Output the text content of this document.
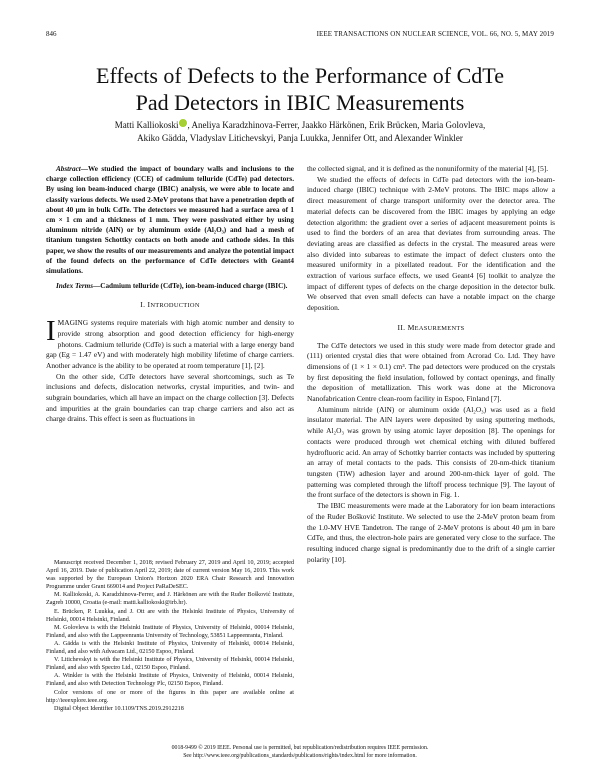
846	IEEE TRANSACTIONS ON NUCLEAR SCIENCE, VOL. 66, NO. 5, MAY 2019
Effects of Defects to the Performance of CdTe
Pad Detectors in IBIC Measurements
Matti Kalliokoski , Aneliya Karadzhinova-Ferrer, Jaakko Härkönen, Erik Brücken, Maria Golovleva,
Akiko Gädda, Vladyslav Litichevskyi, Panja Luukka, Jennifer Ott, and Alexander Winkler

Abstract—We studied the impact of boundary walls and inclusions to the charge collection efficiency (CCE) of cadmium telluride (CdTe) pad detectors. By using ion beam-induced charge (IBIC) analysis, we were able to locate and classify various defects. We used 2-MeV protons that have a penetration depth of about 40 μm in bulk CdTe. The detectors we measured had a surface area of 1 cm × 1 cm and a thickness of 1 mm. They were passivated either by using aluminum nitride (AlN) or by aluminum oxide (Al₂O₃) and had a mesh of titanium tungsten Schottky contacts on both anode and cathode sides. In this paper, we show the results of our measurements and analyze the potential impact of the found defects on the performance of CdTe detectors with Geant4 simulations.

Index Terms—Cadmium telluride (CdTe), ion-beam-induced charge (IBIC).

I. INTRODUCTION

IMAGING systems require materials with high atomic number and density to provide strong absorption and good detection efficiency for high-energy photons. Cadmium telluride (CdTe) is such a material with a large energy band gap (Eg = 1.47 eV) and with moderately high mobility lifetime of charge carriers. Another advance is the ability to be operated at room temperature [1], [2].

On the other side, CdTe detectors have several shortcomings, such as Te inclusions and defects, dislocation networks, crystal impurities, and twin- and subgrain boundaries, which all have an impact on the charge collection [3]. Defects and impurities at the grain boundaries can trap charge carriers and also act as charge drains. This effect is seen as fluctuations in

Manuscript received December 1, 2018; revised February 27, 2019 and April 10, 2019; accepted April 16, 2019. Date of publication April 22, 2019; date of current version May 16, 2019. This work was supported by the European Union's Horizon 2020 ERA Chair Research and Innovation Programme under Grant 669014 and Project PaRaDeSEC.

M. Kalliokoski, A. Karadzhinova-Ferrer, and J. Härkönen are with the Ruđer Bošković Institute, Zagreb 10000, Croatia (e-mail: matti.kalliokoski@irb.hr).

E. Brücken, P. Luukka, and J. Ott are with the Helsinki Institute of Physics, University of Helsinki, 00014 Helsinki, Finland.

M. Golovleva is with the Helsinki Institute of Physics, University of Helsinki, 00014 Helsinki, Finland, and also with the Lappeenranta University of Technology, 53851 Lappeenranta, Finland.

A. Gädda is with the Helsinki Institute of Physics, University of Helsinki, 00014 Helsinki, Finland, and also with Advacam Ltd., 02150 Espoo, Finland.

V. Litichevskyi is with the Helsinki Institute of Physics, University of Helsinki, 00014 Helsinki, Finland, and also with Spectro Ltd., 02150 Espoo, Finland.

A. Winkler is with the Helsinki Institute of Physics, University of Helsinki, 00014 Helsinki, Finland, and also with Detection Technology Plc, 02150 Espoo, Finland.

Color versions of one or more of the figures in this paper are available online at http://ieeexplore.ieee.org.

Digital Object Identifier 10.1109/TNS.2019.2912218

the collected signal, and it is defined as the nonuniformity of the material [4], [5].

We studied the effects of defects in CdTe pad detectors with the ion-beam-induced charge (IBIC) technique with 2-MeV protons. The IBIC maps allow a direct measurement of charge transport uniformity over the detector area. The material defects can be discovered from the IBIC images by applying an edge detection algorithm: the gradient over a series of adjacent measurement points is used to find the borders of an area that deviates from surrounding areas. The deviating areas are classified as defects in the crystal. The measured areas were also divided into subareas to estimate the impact of defect clusters onto the measured uniformity in a pixellated readout. For the identification and the extraction of various surface effects, we used Geant4 [6] toolkit to analyze the impact of different types of defects on the charge deposition in the detector bulk. We observed that even small defects can have a notable impact on the charge deposition.

II. MEASUREMENTS

The CdTe detectors we used in this study were made from detector grade and (111) oriented crystal dies that were obtained from Acrorad Co. Ltd. They have dimensions of (1 × 1 × 0.1) cm³. The pad detectors were produced on the crystals by first depositing the field insulation, followed by contact openings, and finally the deposition of metallization. This work was done at the Micronova Nanofabrication Centre clean-room facility in Espoo, Finland [7].

Aluminum nitride (AlN) or aluminum oxide (Al₂O₃) was used as a field insulator material. The AlN layers were deposited by using sputtering methods, while Al₂O₃ was grown by using atomic layer deposition [8]. The openings for contacts were produced through wet chemical etching with diluted buffered hydrofluoric acid. An array of Schottky barrier contacts was included by sputtering an array of metal contacts to the pads. This consists of 20-nm-thick titanium tungsten (TiW) adhesion layer and around 200-nm-thick layer of gold. The patterning was completed through the liftoff process technique [9]. The layout of the front surface of the detectors is shown in Fig. 1.

The IBIC measurements were made at the Laboratory for ion beam interactions of the Ruđer Bošković Institute. We selected to use the 2-MeV proton beam from the 1.0-MV HVE Tandetron. The range of 2-MeV protons is about 40 μm in bare CdTe, and thus, the electron-hole pairs are generated very close to the surface. The resulting induced charge signal is predominantly due to the drift of a single carrier polarity [10].

0018-9499 © 2019 IEEE. Personal use is permitted, but republication/redistribution requires IEEE permission.
See http://www.ieee.org/publications_standards/publications/rights/index.html for more information.
